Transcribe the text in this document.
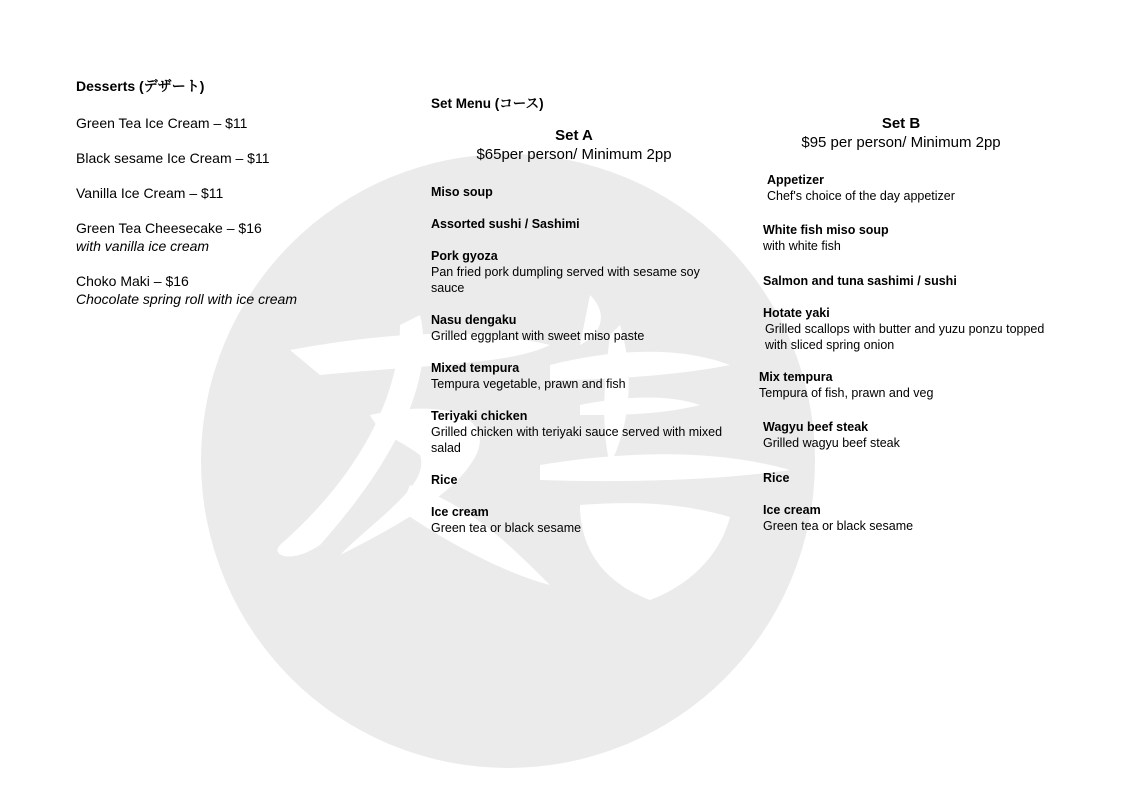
Desserts (デザート)
Green Tea Ice Cream – $11
Black sesame Ice Cream – $11
Vanilla Ice Cream – $11
Green Tea Cheesecake – $16
with vanilla ice cream
Choko Maki – $16
Chocolate spring roll with ice cream
Set Menu (コース)
Set A
$65per person/ Minimum 2pp
Miso soup
Assorted sushi / Sashimi
Pork gyoza
Pan fried pork dumpling served with sesame soy sauce
Nasu dengaku
Grilled eggplant with sweet miso paste
Mixed tempura
Tempura vegetable, prawn and fish
Teriyaki chicken
Grilled chicken with teriyaki sauce served with mixed salad
Rice
Ice cream
Green tea or black sesame
Set B
$95 per person/ Minimum 2pp
Appetizer
Chef's choice of the day appetizer
White fish miso soup
with white fish
Salmon and tuna sashimi / sushi
Hotate yaki
Grilled scallops with butter and yuzu ponzu topped with sliced spring onion
Mix tempura
Tempura of fish, prawn and veg
Wagyu beef steak
Grilled wagyu beef steak
Rice
Ice cream
Green tea or black sesame
